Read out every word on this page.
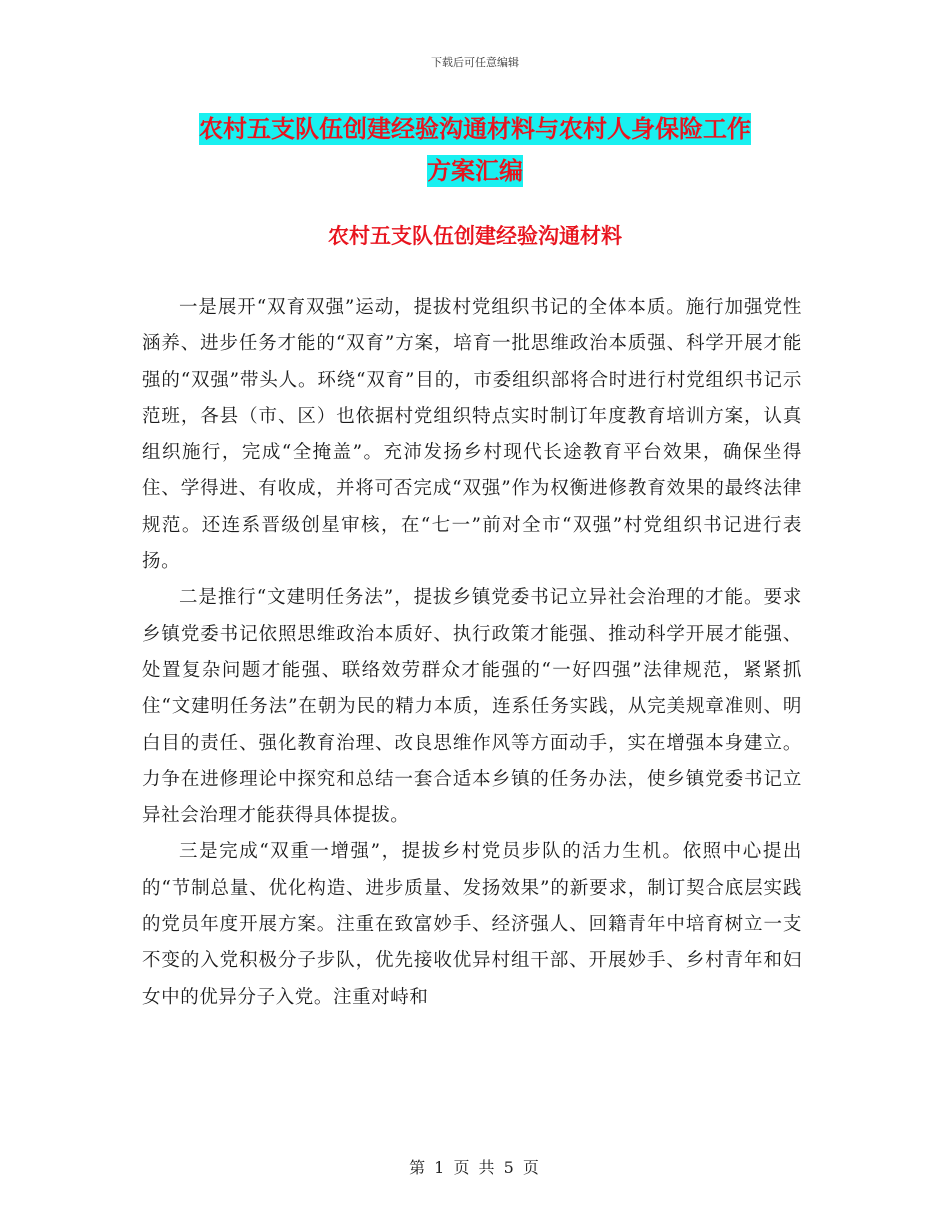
下载后可任意编辑
农村五支队伍创建经验沟通材料与农村人身保险工作
方案汇编
农村五支队伍创建经验沟通材料

一是展开“双育双强”运动，提拔村党组织书记的全体本质。施行加强党性涵养、进步任务才能的“双育”方案，培育一批思维政治本质强、科学开展才能强的“双强”带头人。环绕“双育”目的，市委组织部将合时进行村党组织书记示范班，各县（市、区）也依据村党组织特点实时制订年度教育培训方案，认真组织施行，完成“全掩盖”。充沛发扬乡村现代长途教育平台效果，确保坐得住、学得进、有收成，并将可否完成“双强”作为权衡进修教育效果的最终法律规范。还连系晋级创星审核，在“七一”前对全市“双强”村党组织书记进行表扬。

二是推行“文建明任务法”，提拔乡镇党委书记立异社会治理的才能。要求乡镇党委书记依照思维政治本质好、执行政策才能强、推动科学开展才能强、处置复杂问题才能强、联络效劳群众才能强的“一好四强”法律规范，紧紧抓住“文建明任务法”在朝为民的精力本质，连系任务实践，从完美规章准则、明白目的责任、强化教育治理、改良思维作风等方面动手，实在增强本身建立。力争在进修理论中探究和总结一套合适本乡镇的任务办法，使乡镇党委书记立异社会治理才能获得具体提拔。

三是完成“双重一增强”，提拔乡村党员步队的活力生机。依照中心提出的“节制总量、优化构造、进步质量、发扬效果”的新要求，制订契合底层实践的党员年度开展方案。注重在致富妙手、经济强人、回籍青年中培育树立一支不变的入党积极分子步队，优先接收优异村组干部、开展妙手、乡村青年和妇女中的优异分子入党。注重对峙和

第 1 页 共 5 页
